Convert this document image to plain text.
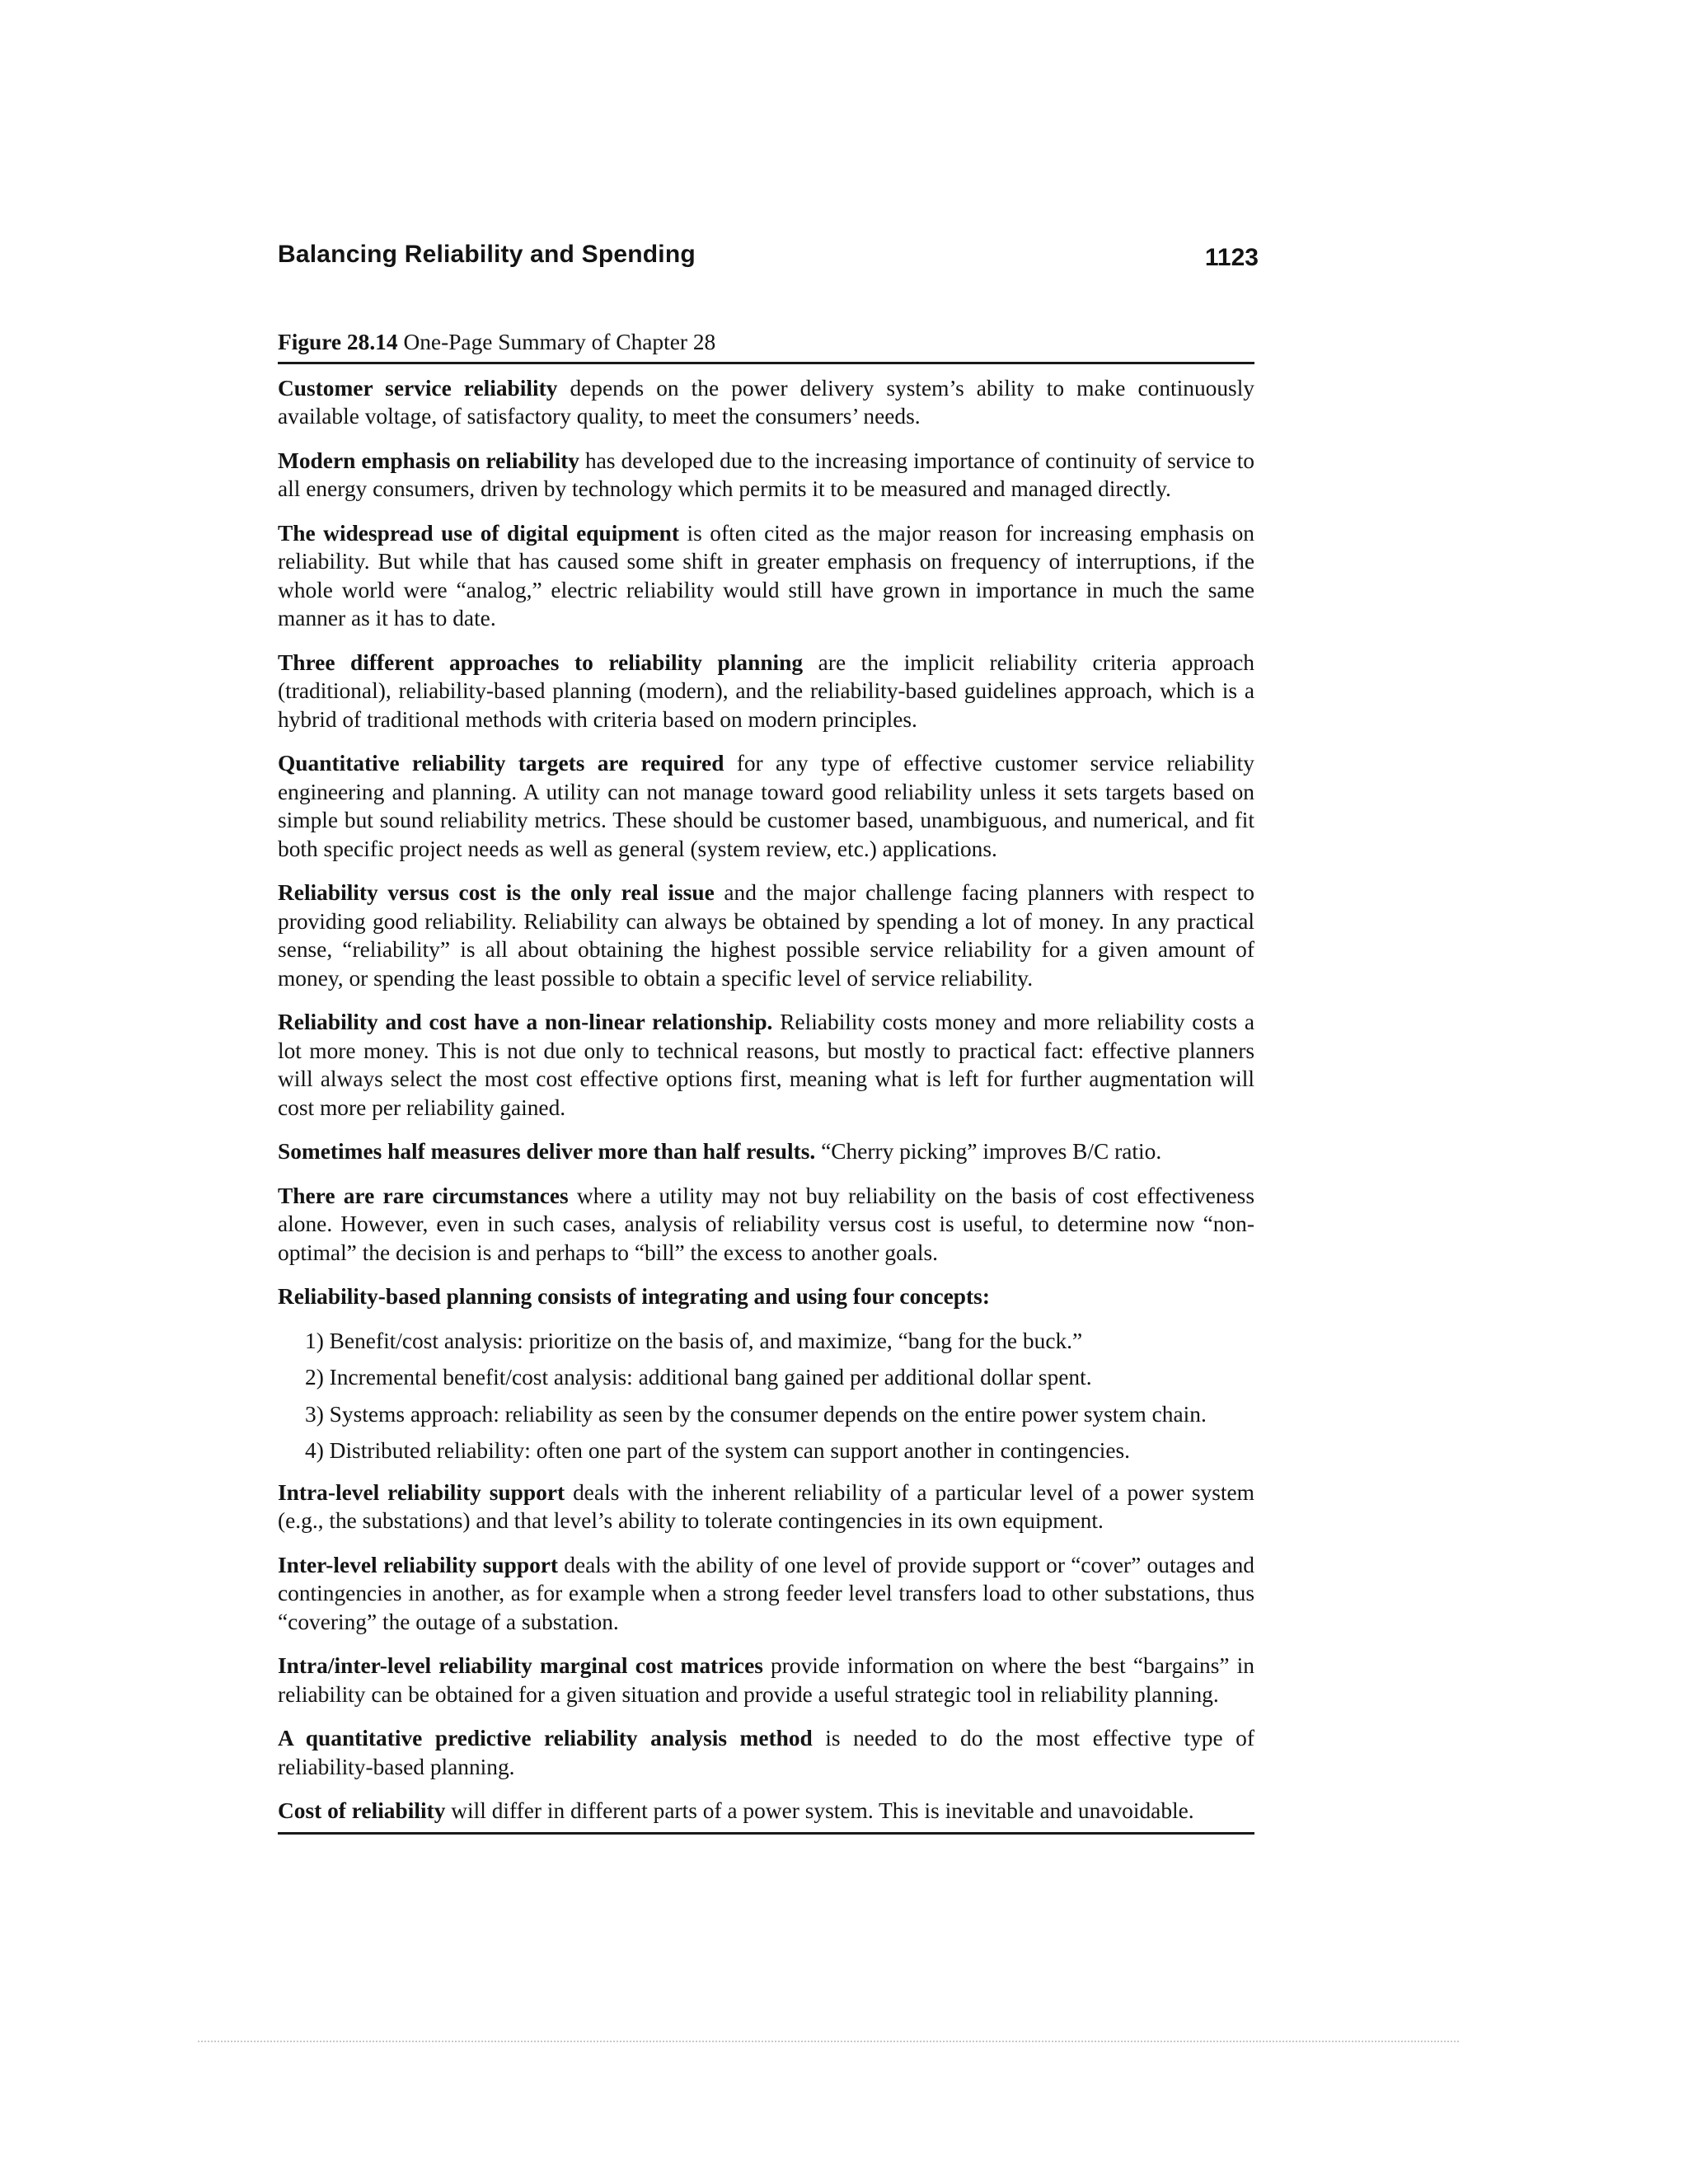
Balancing Reliability and Spending	1123

Figure 28.14 One-Page Summary of Chapter 28

Customer service reliability depends on the power delivery system’s ability to make continuously available voltage, of satisfactory quality, to meet the consumers’ needs.

Modern emphasis on reliability has developed due to the increasing importance of continuity of service to all energy consumers, driven by technology which permits it to be measured and managed directly.

The widespread use of digital equipment is often cited as the major reason for increasing emphasis on reliability. But while that has caused some shift in greater emphasis on frequency of interruptions, if the whole world were “analog,” electric reliability would still have grown in importance in much the same manner as it has to date.

Three different approaches to reliability planning are the implicit reliability criteria approach (traditional), reliability-based planning (modern), and the reliability-based guidelines approach, which is a hybrid of traditional methods with criteria based on modern principles.

Quantitative reliability targets are required for any type of effective customer service reliability engineering and planning. A utility can not manage toward good reliability unless it sets targets based on simple but sound reliability metrics. These should be customer based, unambiguous, and numerical, and fit both specific project needs as well as general (system review, etc.) applications.

Reliability versus cost is the only real issue and the major challenge facing planners with respect to providing good reliability. Reliability can always be obtained by spending a lot of money. In any practical sense, “reliability” is all about obtaining the highest possible service reliability for a given amount of money, or spending the least possible to obtain a specific level of service reliability.

Reliability and cost have a non-linear relationship. Reliability costs money and more reliability costs a lot more money. This is not due only to technical reasons, but mostly to practical fact: effective planners will always select the most cost effective options first, meaning what is left for further augmentation will cost more per reliability gained.

Sometimes half measures deliver more than half results. “Cherry picking” improves B/C ratio.

There are rare circumstances where a utility may not buy reliability on the basis of cost effectiveness alone. However, even in such cases, analysis of reliability versus cost is useful, to determine now “non-optimal” the decision is and perhaps to “bill” the excess to another goals.

Reliability-based planning consists of integrating and using four concepts:

1) Benefit/cost analysis: prioritize on the basis of, and maximize, “bang for the buck.”
2) Incremental benefit/cost analysis: additional bang gained per additional dollar spent.
3) Systems approach: reliability as seen by the consumer depends on the entire power system chain.
4) Distributed reliability: often one part of the system can support another in contingencies.

Intra-level reliability support deals with the inherent reliability of a particular level of a power system (e.g., the substations) and that level’s ability to tolerate contingencies in its own equipment.

Inter-level reliability support deals with the ability of one level of provide support or “cover” outages and contingencies in another, as for example when a strong feeder level transfers load to other substations, thus “covering” the outage of a substation.

Intra/inter-level reliability marginal cost matrices provide information on where the best “bargains” in reliability can be obtained for a given situation and provide a useful strategic tool in reliability planning.

A quantitative predictive reliability analysis method is needed to do the most effective type of reliability-based planning.

Cost of reliability will differ in different parts of a power system. This is inevitable and unavoidable.
